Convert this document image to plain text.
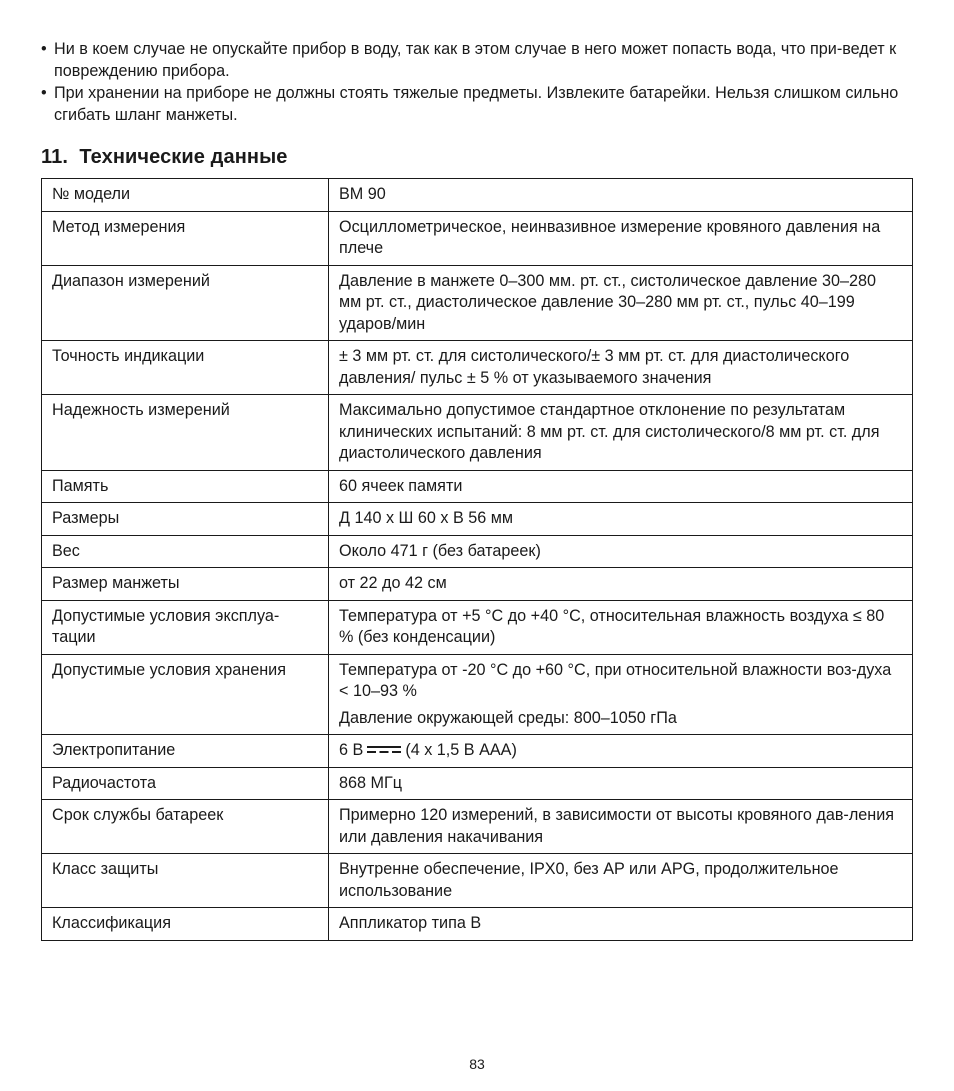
• Ни в коем случае не опускайте прибор в воду, так как в этом случае в него может попасть вода, что при-ведет к повреждению прибора.
• При хранении на приборе не должны стоять тяжелые предметы. Извлеките батарейки. Нельзя слишком сильно сгибать шланг манжеты.
11. Технические данные
№ модели	BM 90
Метод измерения	Осциллометрическое, неинвазивное измерение кровяного давления на плече
Диапазон измерений	Давление в манжете 0–300 мм. рт. ст., систолическое давление 30–280 мм рт. ст., диастолическое давление 30–280 мм рт. ст., пульс 40–199 ударов/мин
Точность индикации	± 3 мм рт. ст. для систолического/± 3 мм рт. ст. для диастолического давления/ пульс ± 5 % от указываемого значения
Надежность измерений	Максимально допустимое стандартное отклонение по результатам клинических испытаний: 8 мм рт. ст. для систолического/8 мм рт. ст. для диастолического давления
Память	60 ячеек памяти
Размеры	Д 140 x Ш 60 x В 56 мм
Вес	Около 471 г (без батареек)
Размер манжеты	от 22 до 42 см
Допустимые условия эксплуа-тации	Температура от +5 °C до +40 °C, относительная влажность воздуха ≤ 80 % (без конденсации)
Допустимые условия хранения	Температура от -20 °C до +60 °C, при относительной влажности воз-духа < 10–93 %
Давление окружающей среды: 800–1050 гПа

Электропитание	6 В (4 x 1,5 В AAA)
Радиочастота	868 МГц
Срок службы батареек	Примерно 120 измерений, в зависимости от высоты кровяного дав-ления или давления накачивания
Класс защиты	Внутренне обеспечение, IPX0, без AP или APG, продолжительное использование
Классификация	Аппликатор типа B
83
